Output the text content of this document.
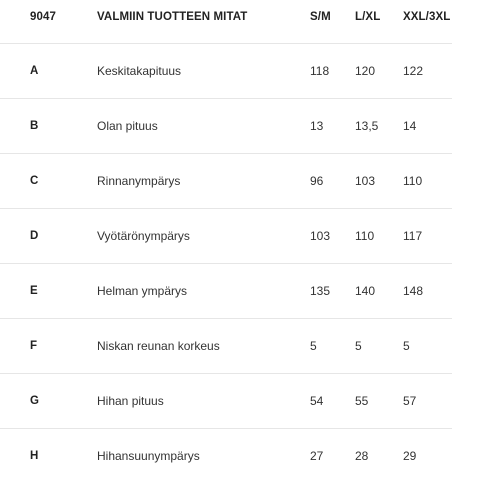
9047	VALMIIN TUOTTEEN MITAT	S/M L/XL XXL/3XL
A	Keskitakapituus	118 120 122
B	Olan pituus	13	13,5 14
C	Rinnanympärys	96	103 110
D	Vyötärönympärys	103 110 117
E	Helman ympärys	135 140 148
F	Niskan reunan korkeus	5	5	5
G	Hihan pituus	54	55	57
H	Hihansuunympärys	27	28	29
